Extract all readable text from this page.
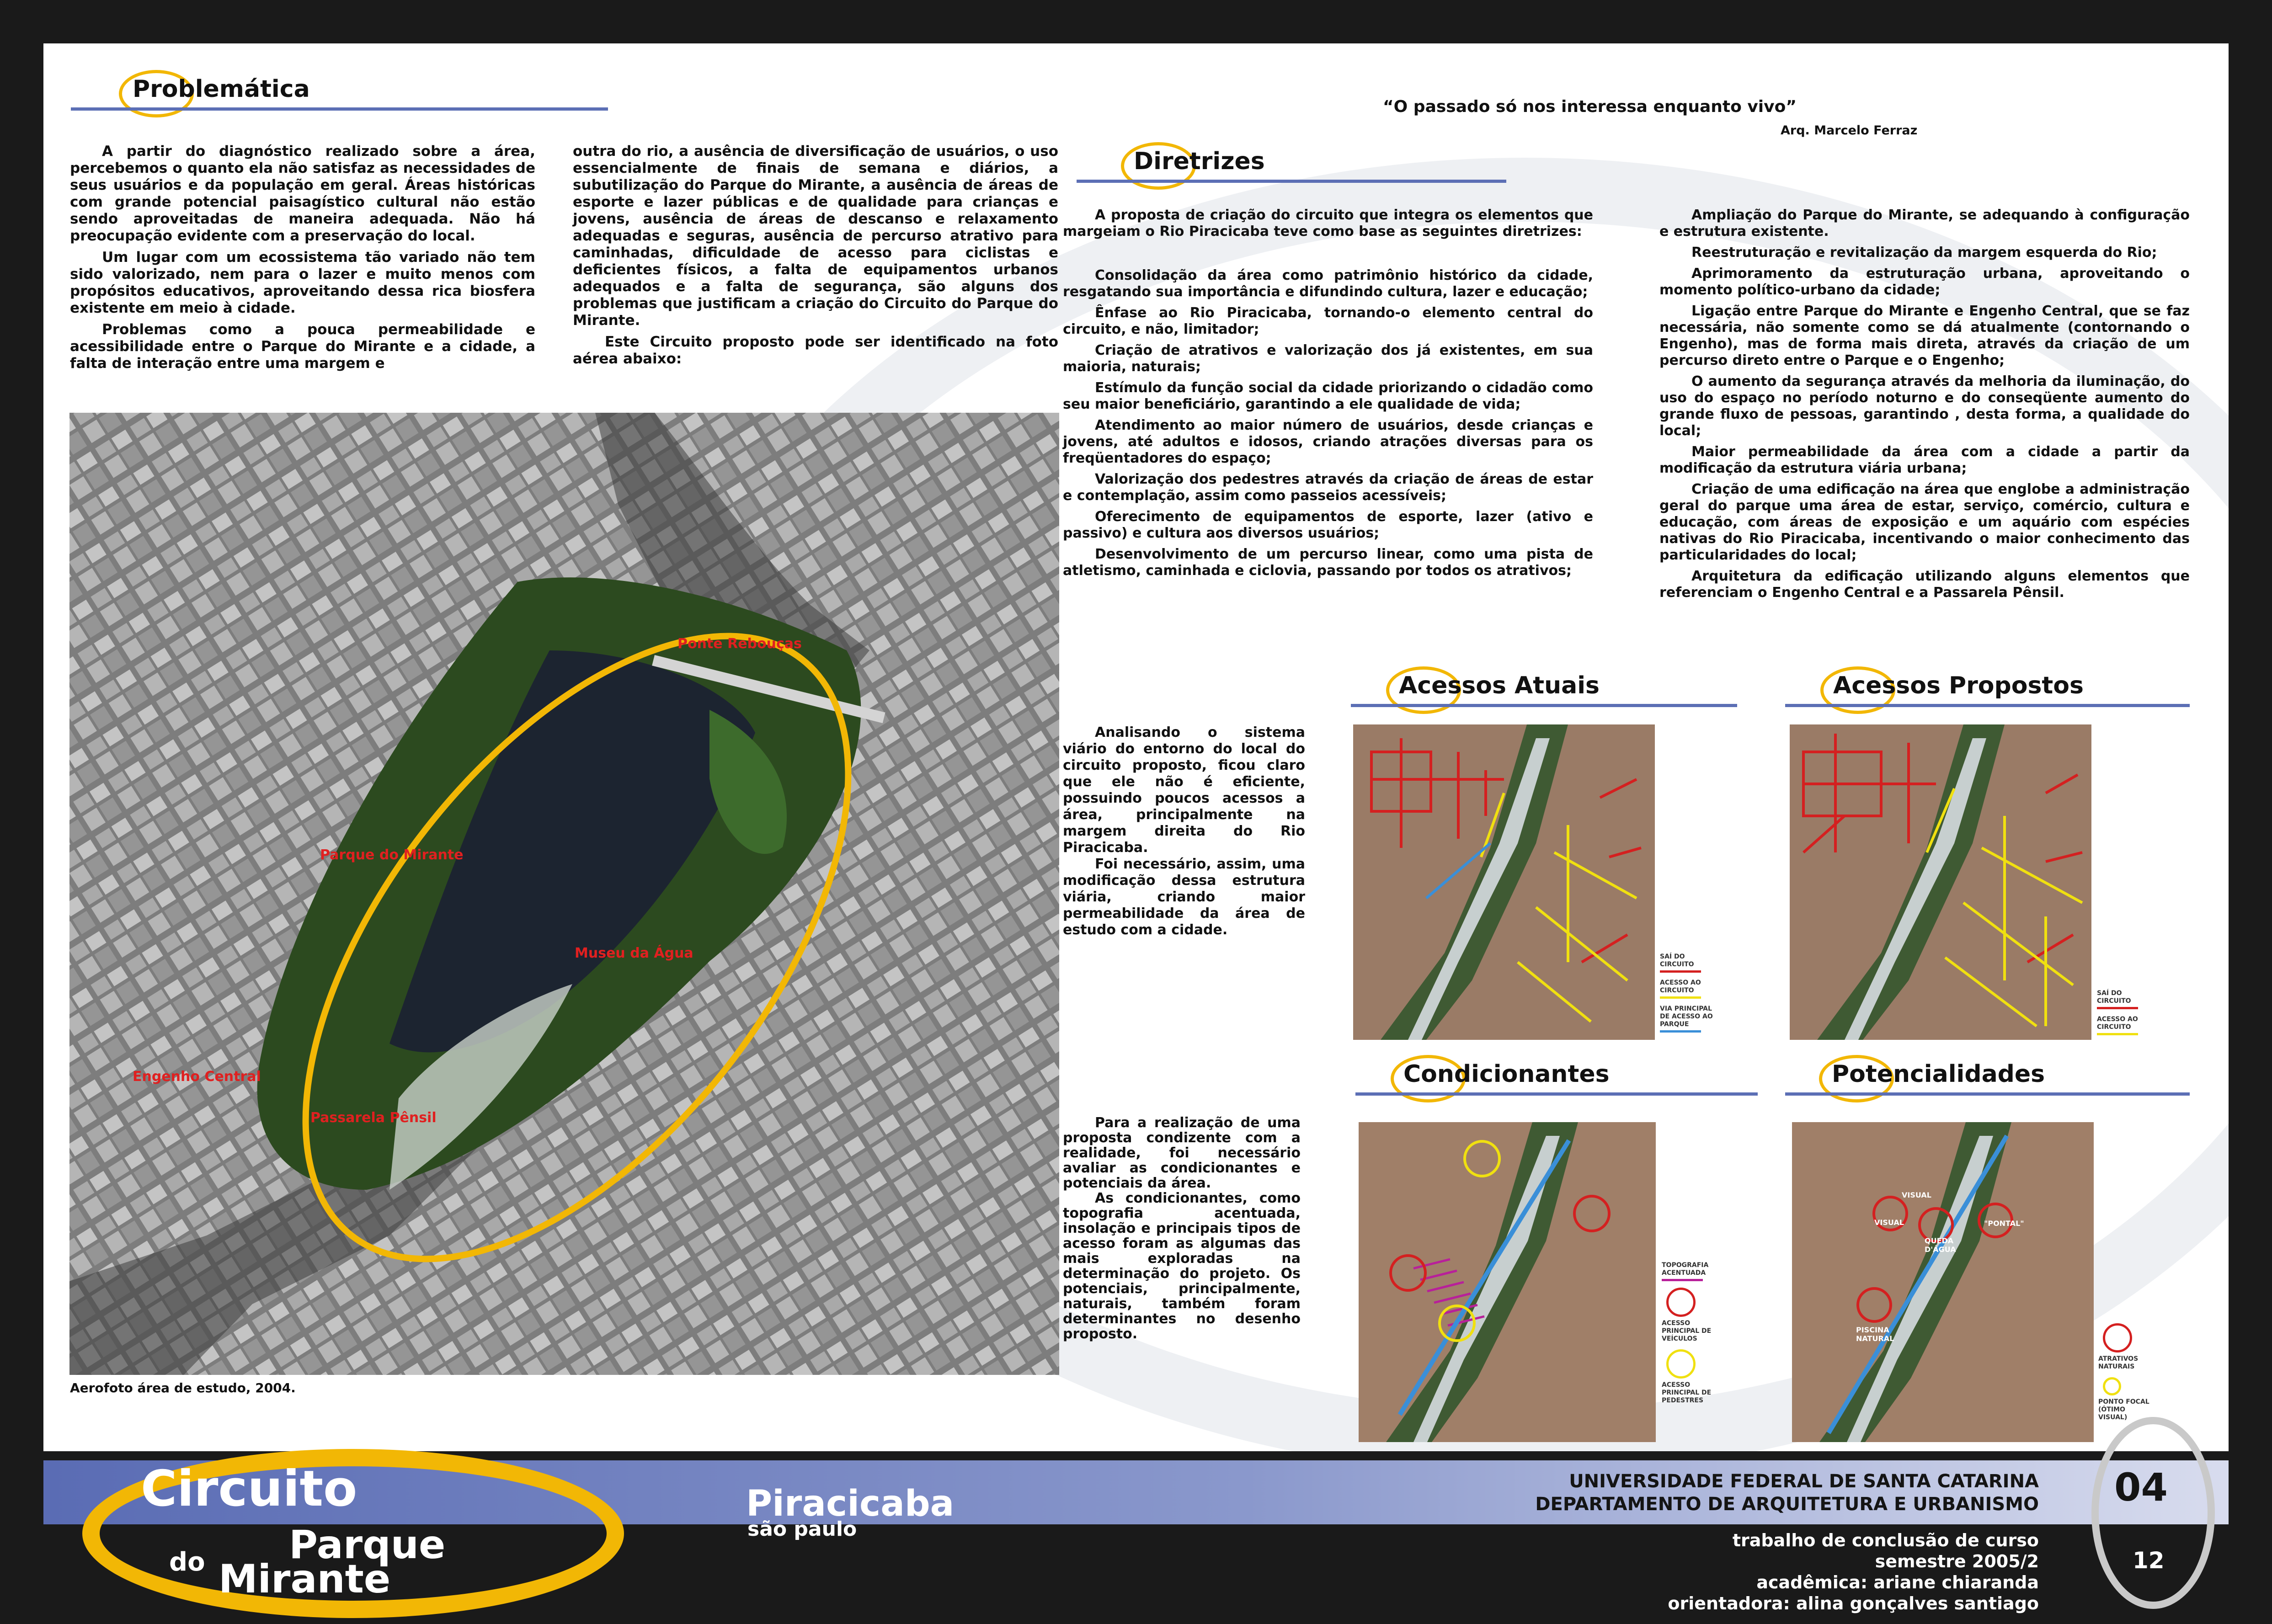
Problemática

A partir do diagnóstico realizado sobre a área, percebemos o quanto ela não satisfaz as necessidades de seus usuários e da população em geral. Áreas históricas com grande potencial paisagístico cultural não estão sendo aproveitadas de maneira adequada. Não há preocupação evidente com a preservação do local.

Um lugar com um ecossistema tão variado não tem sido valorizado, nem para o lazer e muito menos com propósitos educativos, aproveitando dessa rica biosfera existente em meio à cidade.

Problemas como a pouca permeabilidade e acessibilidade entre o Parque do Mirante e a cidade, a falta de interação entre uma margem e

outra do rio, a ausência de diversificação de usuários, o uso essencialmente de finais de semana e diários, a subutilização do Parque do Mirante, a ausência de áreas de esporte e lazer públicas e de qualidade para crianças e jovens, ausência de áreas de descanso e relaxamento adequadas e seguras, ausência de percurso atrativo para caminhadas, dificuldade de acesso para ciclistas e deficientes físicos, a falta de equipamentos urbanos adequados e a falta de segurança, são alguns dos problemas que justificam a criação do Circuito do Parque do Mirante.

Este Circuito proposto pode ser identificado na foto aérea abaixo:

Ponte Rebouças
Parque do Mirante
Museu da Água
Engenho Central
Passarela Pênsil
Aerofoto área de estudo, 2004.
“O passado só nos interessa enquanto vivo”
Arq. Marcelo Ferraz
Diretrizes

A proposta de criação do circuito que integra os elementos que margeiam o Rio Piracicaba teve como base as seguintes diretrizes:

Consolidação da área como patrimônio histórico da cidade, resgatando sua importância e difundindo cultura, lazer e educação;

Ênfase ao Rio Piracicaba, tornando-o elemento central do circuito, e não, limitador;

Criação de atrativos e valorização dos já existentes, em sua maioria, naturais;

Estímulo da função social da cidade priorizando o cidadão como seu maior beneficiário, garantindo a ele qualidade de vida;

Atendimento ao maior número de usuários, desde crianças e jovens, até adultos e idosos, criando atrações diversas para os freqüentadores do espaço;

Valorização dos pedestres através da criação de áreas de estar e contemplação, assim como passeios acessíveis;

Oferecimento de equipamentos de esporte, lazer (ativo e passivo) e cultura aos diversos usuários;

Desenvolvimento de um percurso linear, como uma pista de atletismo, caminhada e ciclovia, passando por todos os atrativos;

Ampliação do Parque do Mirante, se adequando à configuração e estrutura existente.

Reestruturação e revitalização da margem esquerda do Rio;

Aprimoramento da estruturação urbana, aproveitando o momento político-urbano da cidade;

Ligação entre Parque do Mirante e Engenho Central, que se faz necessária, não somente como se dá atualmente (contornando o Engenho), mas de forma mais direta, através da criação de um percurso direto entre o Parque e o Engenho;

O aumento da segurança através da melhoria da iluminação, do uso do espaço no período noturno e do conseqüente aumento do grande fluxo de pessoas, garantindo , desta forma, a qualidade do local;

Maior permeabilidade da área com a cidade a partir da modificação da estrutura viária urbana;

Criação de uma edificação na área que englobe a administração geral do parque uma área de estar, serviço, comércio, cultura e educação, com áreas de exposição e um aquário com espécies nativas do Rio Piracicaba, incentivando o maior conhecimento das particularidades do local;

Arquitetura da edificação utilizando alguns elementos que referenciam o Engenho Central e a Passarela Pênsil.

Acessos Atuais

Analisando o sistema viário do entorno do local do circuito proposto, ficou claro que ele não é eficiente, possuindo poucos acessos a área, principalmente na margem direita do Rio Piracicaba.

Foi necessário, assim, uma modificação dessa estrutura viária, criando maior permeabilidade da área de estudo com a cidade.

SAÍ DO CIRCUITO
ACESSO AO CIRCUITO
VIA PRINCIPAL DE ACESSO AO PARQUE
Acessos Propostos
SAÍ DO CIRCUITO
ACESSO AO CIRCUITO
Condicionantes

Para a realização de uma proposta condizente com a realidade, foi necessário avaliar as condicionantes e potenciais da área.

As condicionantes, como topografia acentuada, insolação e principais tipos de acesso foram as algumas das mais exploradas na determinação do projeto. Os potenciais, principalmente, naturais, também foram determinantes no desenho proposto.

TOPOGRAFIA ACENTUADA
ACESSO PRINCIPAL DE VEÍCULOS
ACESSO PRINCIPAL DE PEDESTRES
Potencialidades
VISUAL
VISUAL	"PONTAL"
QUEDA D'ÁGUA
PISCINA NATURAL
ATRATIVOS NATURAIS
PONTO FOCAL (ÓTIMO VISUAL)
Circuito
Parque
do Mirante
Piracicaba
são paulo
UNIVERSIDADE FEDERAL DE SANTA CATARINA
DEPARTAMENTO DE ARQUITETURA E URBANISMO
trabalho de conclusão de curso
semestre 2005/2
acadêmica: ariane chiaranda
orientadora: alina gonçalves santiago
04
12
